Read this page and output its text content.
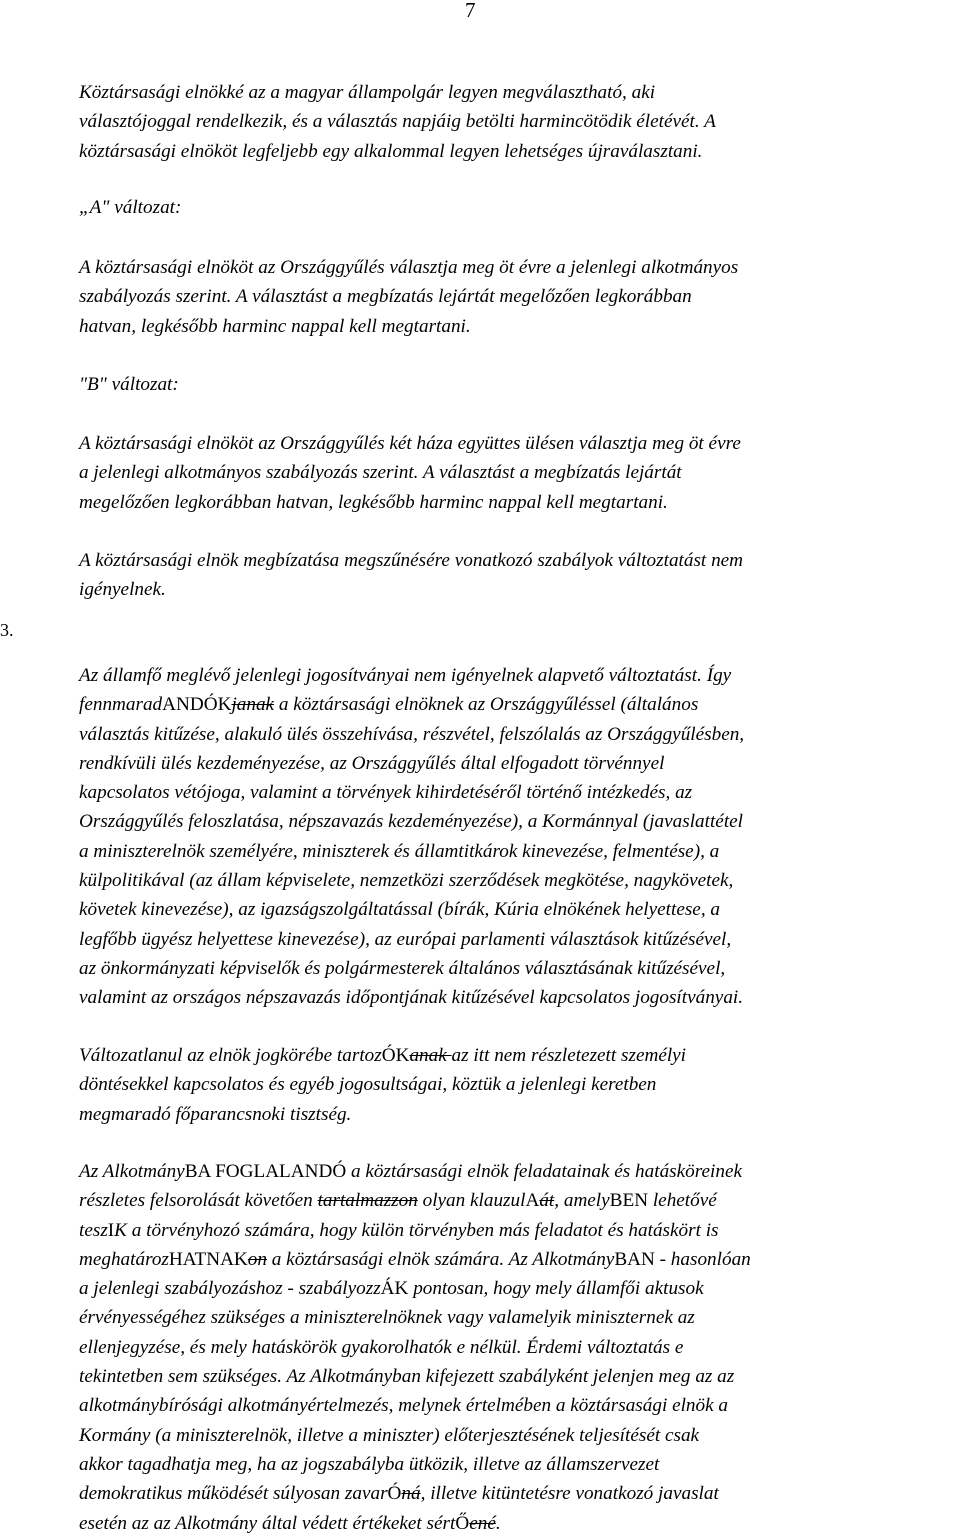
7
3.

Köztársasági elnökké az a magyar állampolgár legyen megválasztható, aki
választójoggal rendelkezik, és a választás napjáig betölti harmincötödik életévét. A
köztársasági elnököt legfeljebb egy alkalommal legyen lehetséges újraválasztani.

„A" változat:

A köztársasági elnököt az Országgyűlés választja meg öt évre a jelenlegi alkotmányos
szabályozás szerint. A választást a megbízatás lejártát megelőzően legkorábban
hatvan, legkésőbb harminc nappal kell megtartani.

"B" változat:

A köztársasági elnököt az Országgyűlés két háza együttes ülésen választja meg öt évre
a jelenlegi alkotmányos szabályozás szerint. A választást a megbízatás lejártát
megelőzően legkorábban hatvan, legkésőbb harminc nappal kell megtartani.

A köztársasági elnök megbízatása megszűnésére vonatkozó szabályok változtatást nem
igényelnek.

Az államfő meglévő jelenlegi jogosítványai nem igényelnek alapvető változtatást. Így
fennmaradANDÓKjanak a köztársasági elnöknek az Országgyűléssel (általános
választás kitűzése, alakuló ülés összehívása, részvétel, felszólalás az Országgyűlésben,
rendkívüli ülés kezdeményezése, az Országgyűlés által elfogadott törvénnyel
kapcsolatos vétójoga, valamint a törvények kihirdetéséről történő intézkedés, az
Országgyűlés feloszlatása, népszavazás kezdeményezése), a Kormánnyal (javaslattétel
a miniszterelnök személyére, miniszterek és államtitkárok kinevezése, felmentése), a
külpolitikával (az állam képviselete, nemzetközi szerződések megkötése, nagykövetek,
követek kinevezése), az igazságszolgáltatással (bírák, Kúria elnökének helyettese, a
legfőbb ügyész helyettese kinevezése), az európai parlamenti választások kitűzésével,
az önkormányzati képviselők és polgármesterek általános választásának kitűzésével,
valamint az országos népszavazás időpontjának kitűzésével kapcsolatos jogosítványai.

Változatlanul az elnök jogkörébe tartozÓKanak az itt nem részletezett személyi
döntésekkel kapcsolatos és egyéb jogosultságai, köztük a jelenlegi keretben
megmaradó főparancsnoki tisztség.

Az AlkotmányBA FOGLALANDÓ a köztársasági elnök feladatainak és hatásköreinek
részletes felsorolását követően tartalmazzon olyan klauzulAát, amelyBEN lehetővé
teszIK a törvényhozó számára, hogy külön törvényben más feladatot és hatáskört is
meghatározHATNAKon a köztársasági elnök számára. Az AlkotmányBAN - hasonlóan
a jelenlegi szabályozáshoz - szabályozzÁK pontosan, hogy mely államfői aktusok
érvényességéhez szükséges a miniszterelnöknek vagy valamelyik miniszternek az
ellenjegyzése, és mely hatáskörök gyakorolhatók e nélkül. Érdemi változtatás e
tekintetben sem szükséges. Az Alkotmányban kifejezett szabályként jelenjen meg az az
alkotmánybírósági alkotmányértelmezés, melynek értelmében a köztársasági elnök a
Kormány (a miniszterelnök, illetve a miniszter) előterjesztésének teljesítését csak
akkor tagadhatja meg, ha az jogszabályba ütközik, illetve az államszervezet
demokratikus működését súlyosan zavarÓná, illetve kitüntetésre vonatkozó javaslat
esetén az az Alkotmány által védett értékeket sértŐené.
